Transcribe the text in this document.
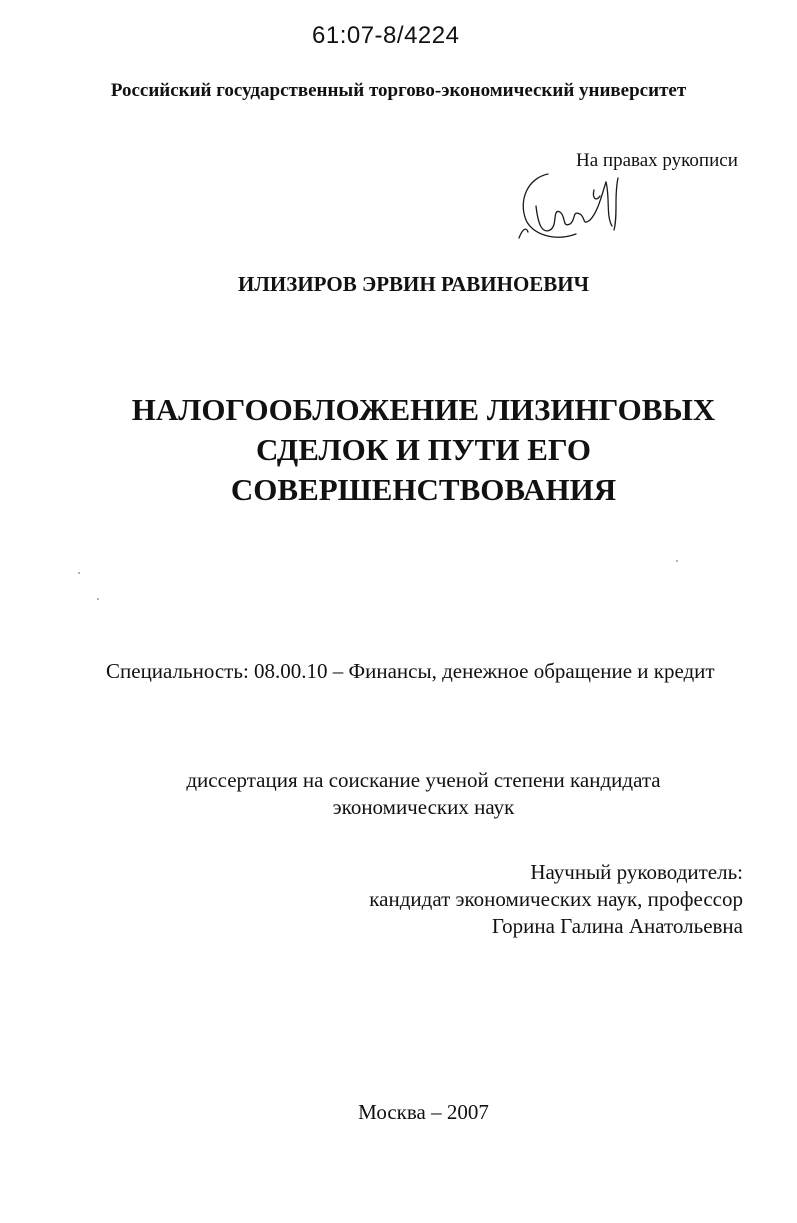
61:07-8/4224
Российский государственный торгово-экономический университет
На правах рукописи
ИЛИЗИРОВ ЭРВИН РАВИНОЕВИЧ
НАЛОГООБЛОЖЕНИЕ ЛИЗИНГОВЫХ
СДЕЛОК И ПУТИ ЕГО
СОВЕРШЕНСТВОВАНИЯ
Специальность: 08.00.10 – Финансы, денежное обращение и кредит
диссертация на соискание ученой степени кандидата
экономических наук
Научный руководитель:
кандидат экономических наук, профессор
Горина Галина Анатольевна
Москва – 2007
